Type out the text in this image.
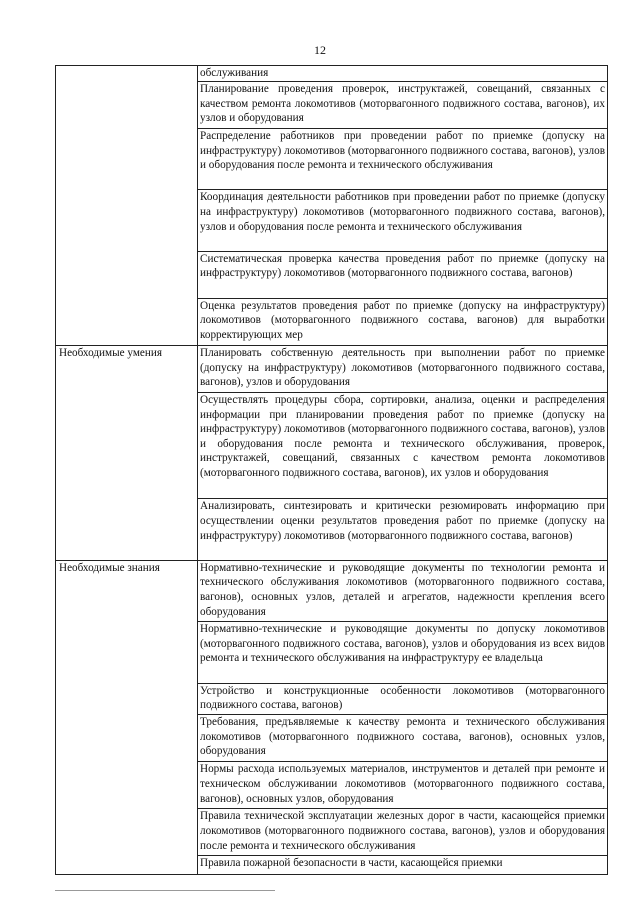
12
	обслуживания
	Планирование проведения проверок, инструктажей, совещаний, связанных с качеством ремонта локомотивов (моторвагонного подвижного состава, вагонов), их узлов и оборудования
	Распределение работников при проведении работ по приемке (допуску на инфраструктуру) локомотивов (моторвагонного подвижного состава, вагонов), узлов и оборудования после ремонта и технического обслуживания
	Координация деятельности работников при проведении работ по приемке (допуску на инфраструктуру) локомотивов (моторвагонного подвижного состава, вагонов), узлов и оборудования после ремонта и технического обслуживания
	Систематическая проверка качества проведения работ по приемке (допуску на инфраструктуру) локомотивов (моторвагонного подвижного состава, вагонов)
	Оценка результатов проведения работ по приемке (допуску на инфраструктуру) локомотивов (моторвагонного подвижного состава, вагонов) для выработки корректирующих мер
Необходимые умения	Планировать собственную деятельность при выполнении работ по приемке (допуску на инфраструктуру) локомотивов (моторвагонного подвижного состава, вагонов), узлов и оборудования
	Осуществлять процедуры сбора, сортировки, анализа, оценки и распределения информации при планировании проведения работ по приемке (допуску на инфраструктуру) локомотивов (моторвагонного подвижного состава, вагонов), узлов и оборудования после ремонта и технического обслуживания, проверок, инструктажей, совещаний, связанных с качеством ремонта локомотивов (моторвагонного подвижного состава, вагонов), их узлов и оборудования
	Анализировать, синтезировать и критически резюмировать информацию при осуществлении оценки результатов проведения работ по приемке (допуску на инфраструктуру) локомотивов (моторвагонного подвижного состава, вагонов)
Необходимые знания	Нормативно-технические и руководящие документы по технологии ремонта и технического обслуживания локомотивов (моторвагонного подвижного состава, вагонов), основных узлов, деталей и агрегатов, надежности крепления всего оборудования
	Нормативно-технические и руководящие документы по допуску локомотивов (моторвагонного подвижного состава, вагонов), узлов и оборудования из всех видов ремонта и технического обслуживания на инфраструктуру ее владельца
	Устройство и конструкционные особенности локомотивов (моторвагонного подвижного состава, вагонов)
	Требования, предъявляемые к качеству ремонта и технического обслуживания локомотивов (моторвагонного подвижного состава, вагонов), основных узлов, оборудования
	Нормы расхода используемых материалов, инструментов и деталей при ремонте и техническом обслуживании локомотивов (моторвагонного подвижного состава, вагонов), основных узлов, оборудования
	Правила технической эксплуатации железных дорог в части, касающейся приемки локомотивов (моторвагонного подвижного состава, вагонов), узлов и оборудования после ремонта и технического обслуживания
	Правила пожарной безопасности в части, касающейся приемки
